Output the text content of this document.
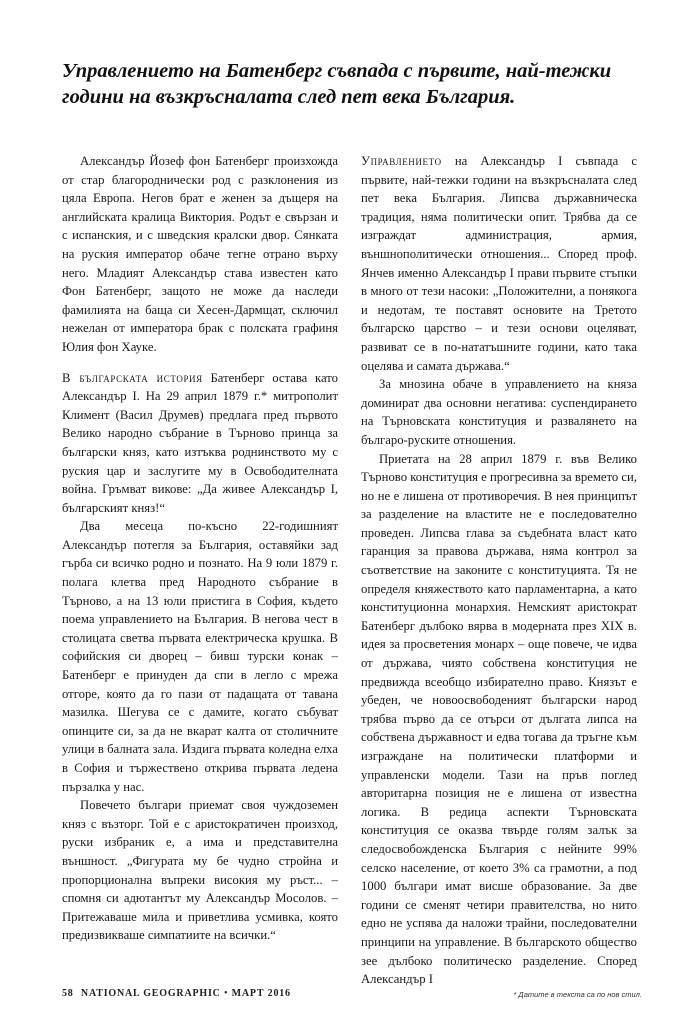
Управлението на Батенберг съвпада с първите, най-тежки
години на възкръсналата след пет века България.

Александър Йозеф фон Батенберг произхожда от стар благороднически род с разклонения из цяла Европа. Негов брат е женен за дъщеря на английската кралица Виктория. Родът е свързан и с испанския, и с шведския кралски двор. Сянката на руския император обаче тегне отрано върху него. Младият Александър става известен като Фон Батенберг, защото не може да наследи фамилията на баща си Хесен-Дармщат, сключил нежелан от императора брак с полската графиня Юлия фон Хауке.

В българската история Батенберг остава като Александър I. На 29 април 1879 г.* митрополит Климент (Васил Друмев) предлага пред първото Велико народно събрание в Търново принца за български княз, като изтъква роднинството му с руския цар и заслугите му в Освободителната война. Гръмват викове: „Да живее Александър I, българският княз!“

Два месеца по-късно 22-годишният Александър потегля за България, оставяйки зад гърба си всичко родно и познато. На 9 юли 1879 г. полага клетва пред Народното събрание в Търново, а на 13 юли пристига в София, където поема управлението на България. В негова чест в столицата светва първата електрическа крушка. В софийския си дворец – бивш турски конак – Батенберг е принуден да спи в легло с мрежа отгоре, която да го пази от падащата от тавана мазилка. Шегува се с дамите, когато събуват опинците си, за да не вкарат калта от столичните улици в балната зала. Издига първата коледна елха в София и тържествено открива първата ледена пързалка у нас.

Повечето българи приемат своя чуждоземен княз с възторг. Той е с аристократичен произход, руски избраник е, а има и представителна външност. „Фигурата му бе чудно стройна и пропорционална въпреки високия му ръст... – спомня си адютантът му Александър Мосолов. – Притежаваше мила и приветлива усмивка, която предизвикваше симпатиите на всички.“

Управлението на Александър I съвпада с първите, най-тежки години на възкръсналата след пет века България. Липсва държавническа традиция, няма политически опит. Трябва да се изграждат администрация, армия, външнополитически отношения... Според проф. Янчев именно Александър I прави първите стъпки в много от тези насоки: „Положителни, а понякога и недотам, те поставят основите на Третото българско царство – и тези основи оцеляват, развиват се в по-нататъшните години, като така оцелява и самата държава.“

За мнозина обаче в управлението на княза доминират два основни негатива: суспендирането на Търновската конституция и развалянето на българо-руските отношения.

Приетата на 28 април 1879 г. във Велико Търново конституция е прогресивна за времето си, но не е лишена от противоречия. В нея принципът за разделение на властите не е последователно проведен. Липсва глава за съдебната власт като гаранция за правова държава, няма контрол за съответствие на законите с конституцията. Тя не определя княжеството като парламентарна, а като конституционна монархия. Немският аристократ Батенберг дълбоко вярва в модерната през XIX в. идея за просветения монарх – още повече, че идва от държава, чиято собствена конституция не предвижда всеобщо избирателно право. Князът е убеден, че новоосвободеният български народ трябва първо да се отърси от дългата липса на собствена държавност и едва тогава да тръгне към изграждане на политически платформи и управленски модели. Тази на пръв поглед авторитарна позиция не е лишена от известна логика. В редица аспекти Търновската конституция се оказва твърде голям залък за следосвобожденска България с нейните 99% селско население, от което 3% са грамотни, а под 1000 българи имат висше образование. За две години се сменят четири правителства, но нито едно не успява да наложи трайни, последователни принципи на управление. В българското общество зее дълбоко политическо разделение. Според Александър I

58 NATIONAL GEOGRAPHIC • МАРТ 2016	* Датите в текста са по нов стил.
